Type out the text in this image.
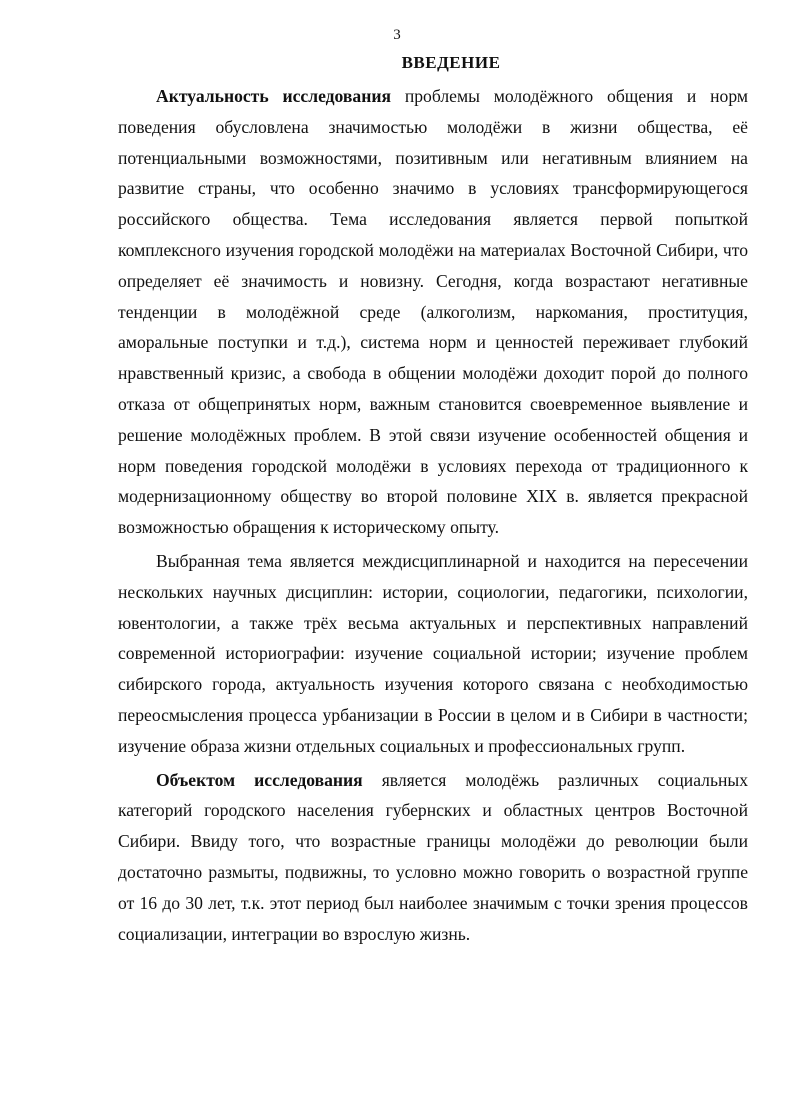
3
ВВЕДЕНИЕ

Актуальность исследования проблемы молодёжного общения и норм поведения обусловлена значимостью молодёжи в жизни общества, её потенциальными возможностями, позитивным или негативным влиянием на развитие страны, что особенно значимо в условиях трансформирующегося российского общества. Тема исследования является первой попыткой комплексного изучения городской молодёжи на материалах Восточной Сибири, что определяет её значимость и новизну. Сегодня, когда возрастают негативные тенденции в молодёжной среде (алкоголизм, наркомания, проституция, аморальные поступки и т.д.), система норм и ценностей переживает глубокий нравственный кризис, а свобода в общении молодёжи доходит порой до полного отказа от общепринятых норм, важным становится своевременное выявление и решение молодёжных проблем. В этой связи изучение особенностей общения и норм поведения городской молодёжи в условиях перехода от традиционного к модернизационному обществу во второй половине XIX в. является прекрасной возможностью обращения к историческому опыту.

Выбранная тема является междисциплинарной и находится на пересечении нескольких научных дисциплин: истории, социологии, педагогики, психологии, ювентологии, а также трёх весьма актуальных и перспективных направлений современной историографии: изучение социальной истории; изучение проблем сибирского города, актуальность изучения которого связана с необходимостью переосмысления процесса урбанизации в России в целом и в Сибири в частности; изучение образа жизни отдельных социальных и профессиональных групп.

Объектом исследования является молодёжь различных социальных категорий городского населения губернских и областных центров Восточной Сибири. Ввиду того, что возрастные границы молодёжи до революции были достаточно размыты, подвижны, то условно можно говорить о возрастной группе от 16 до 30 лет, т.к. этот период был наиболее значимым с точки зрения процессов социализации, интеграции во взрослую жизнь.
